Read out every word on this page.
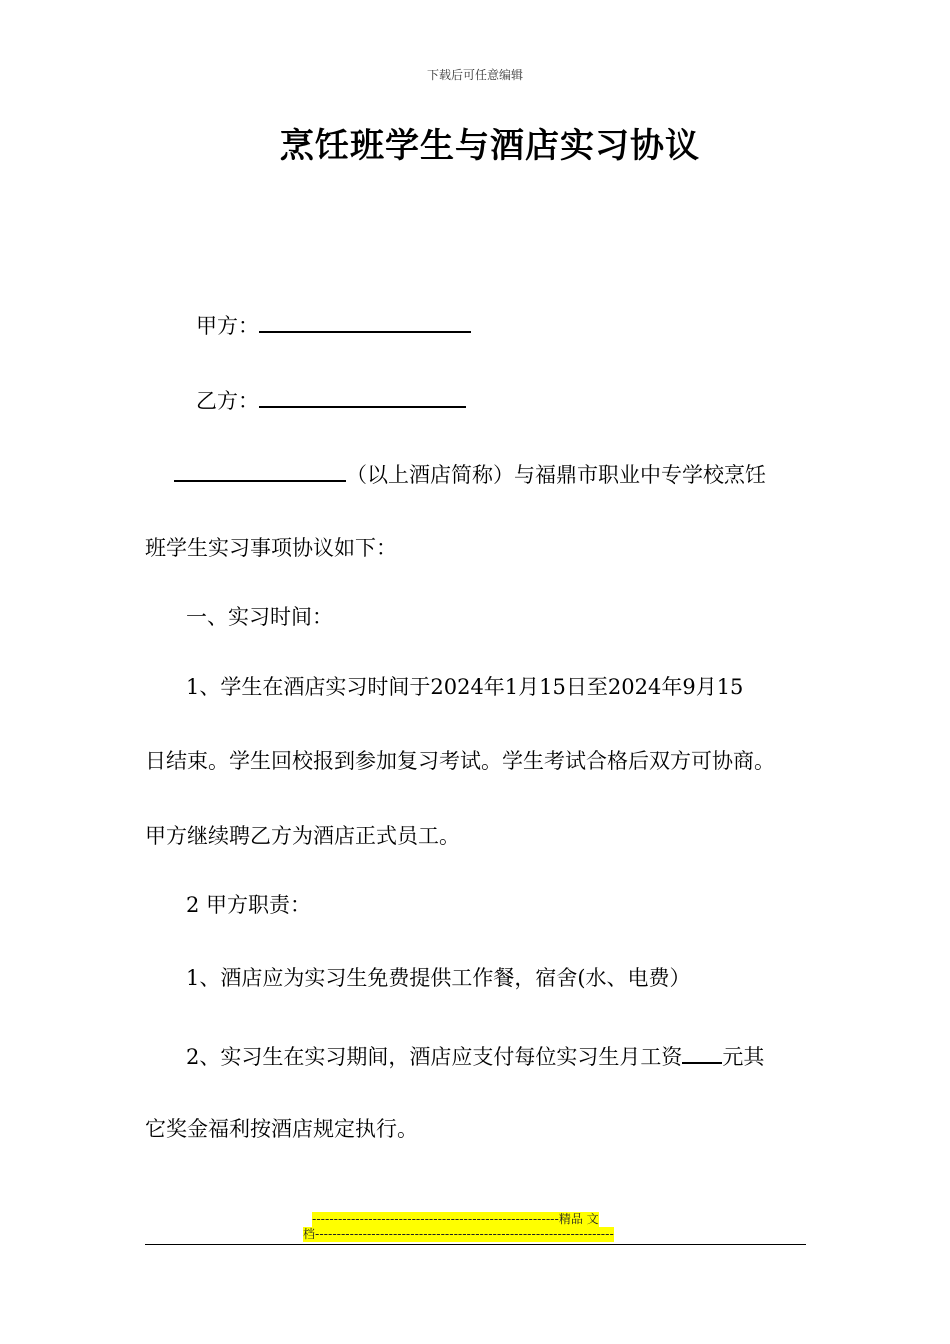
下载后可任意编辑
烹饪班学生与酒店实习协议
甲方：
乙方：
（以上酒店简称）与福鼎市职业中专学校烹饪
班学生实习事项协议如下：
一、实习时间：
1、学生在酒店实习时间于2024年1月15日至2024年9月15
日结束。学生回校报到参加复习考试。学生考试合格后双方可协商。
甲方继续聘乙方为酒店正式员工。
2 甲方职责：
1、酒店应为实习生免费提供工作餐，宿舍(水、电费）
2、实习生在实习期间，酒店应支付每位实习生月工资 元其
它奖金福利按酒店规定执行。
---------------------------------------------------------精品 文
档---------------------------------------------------------------------
